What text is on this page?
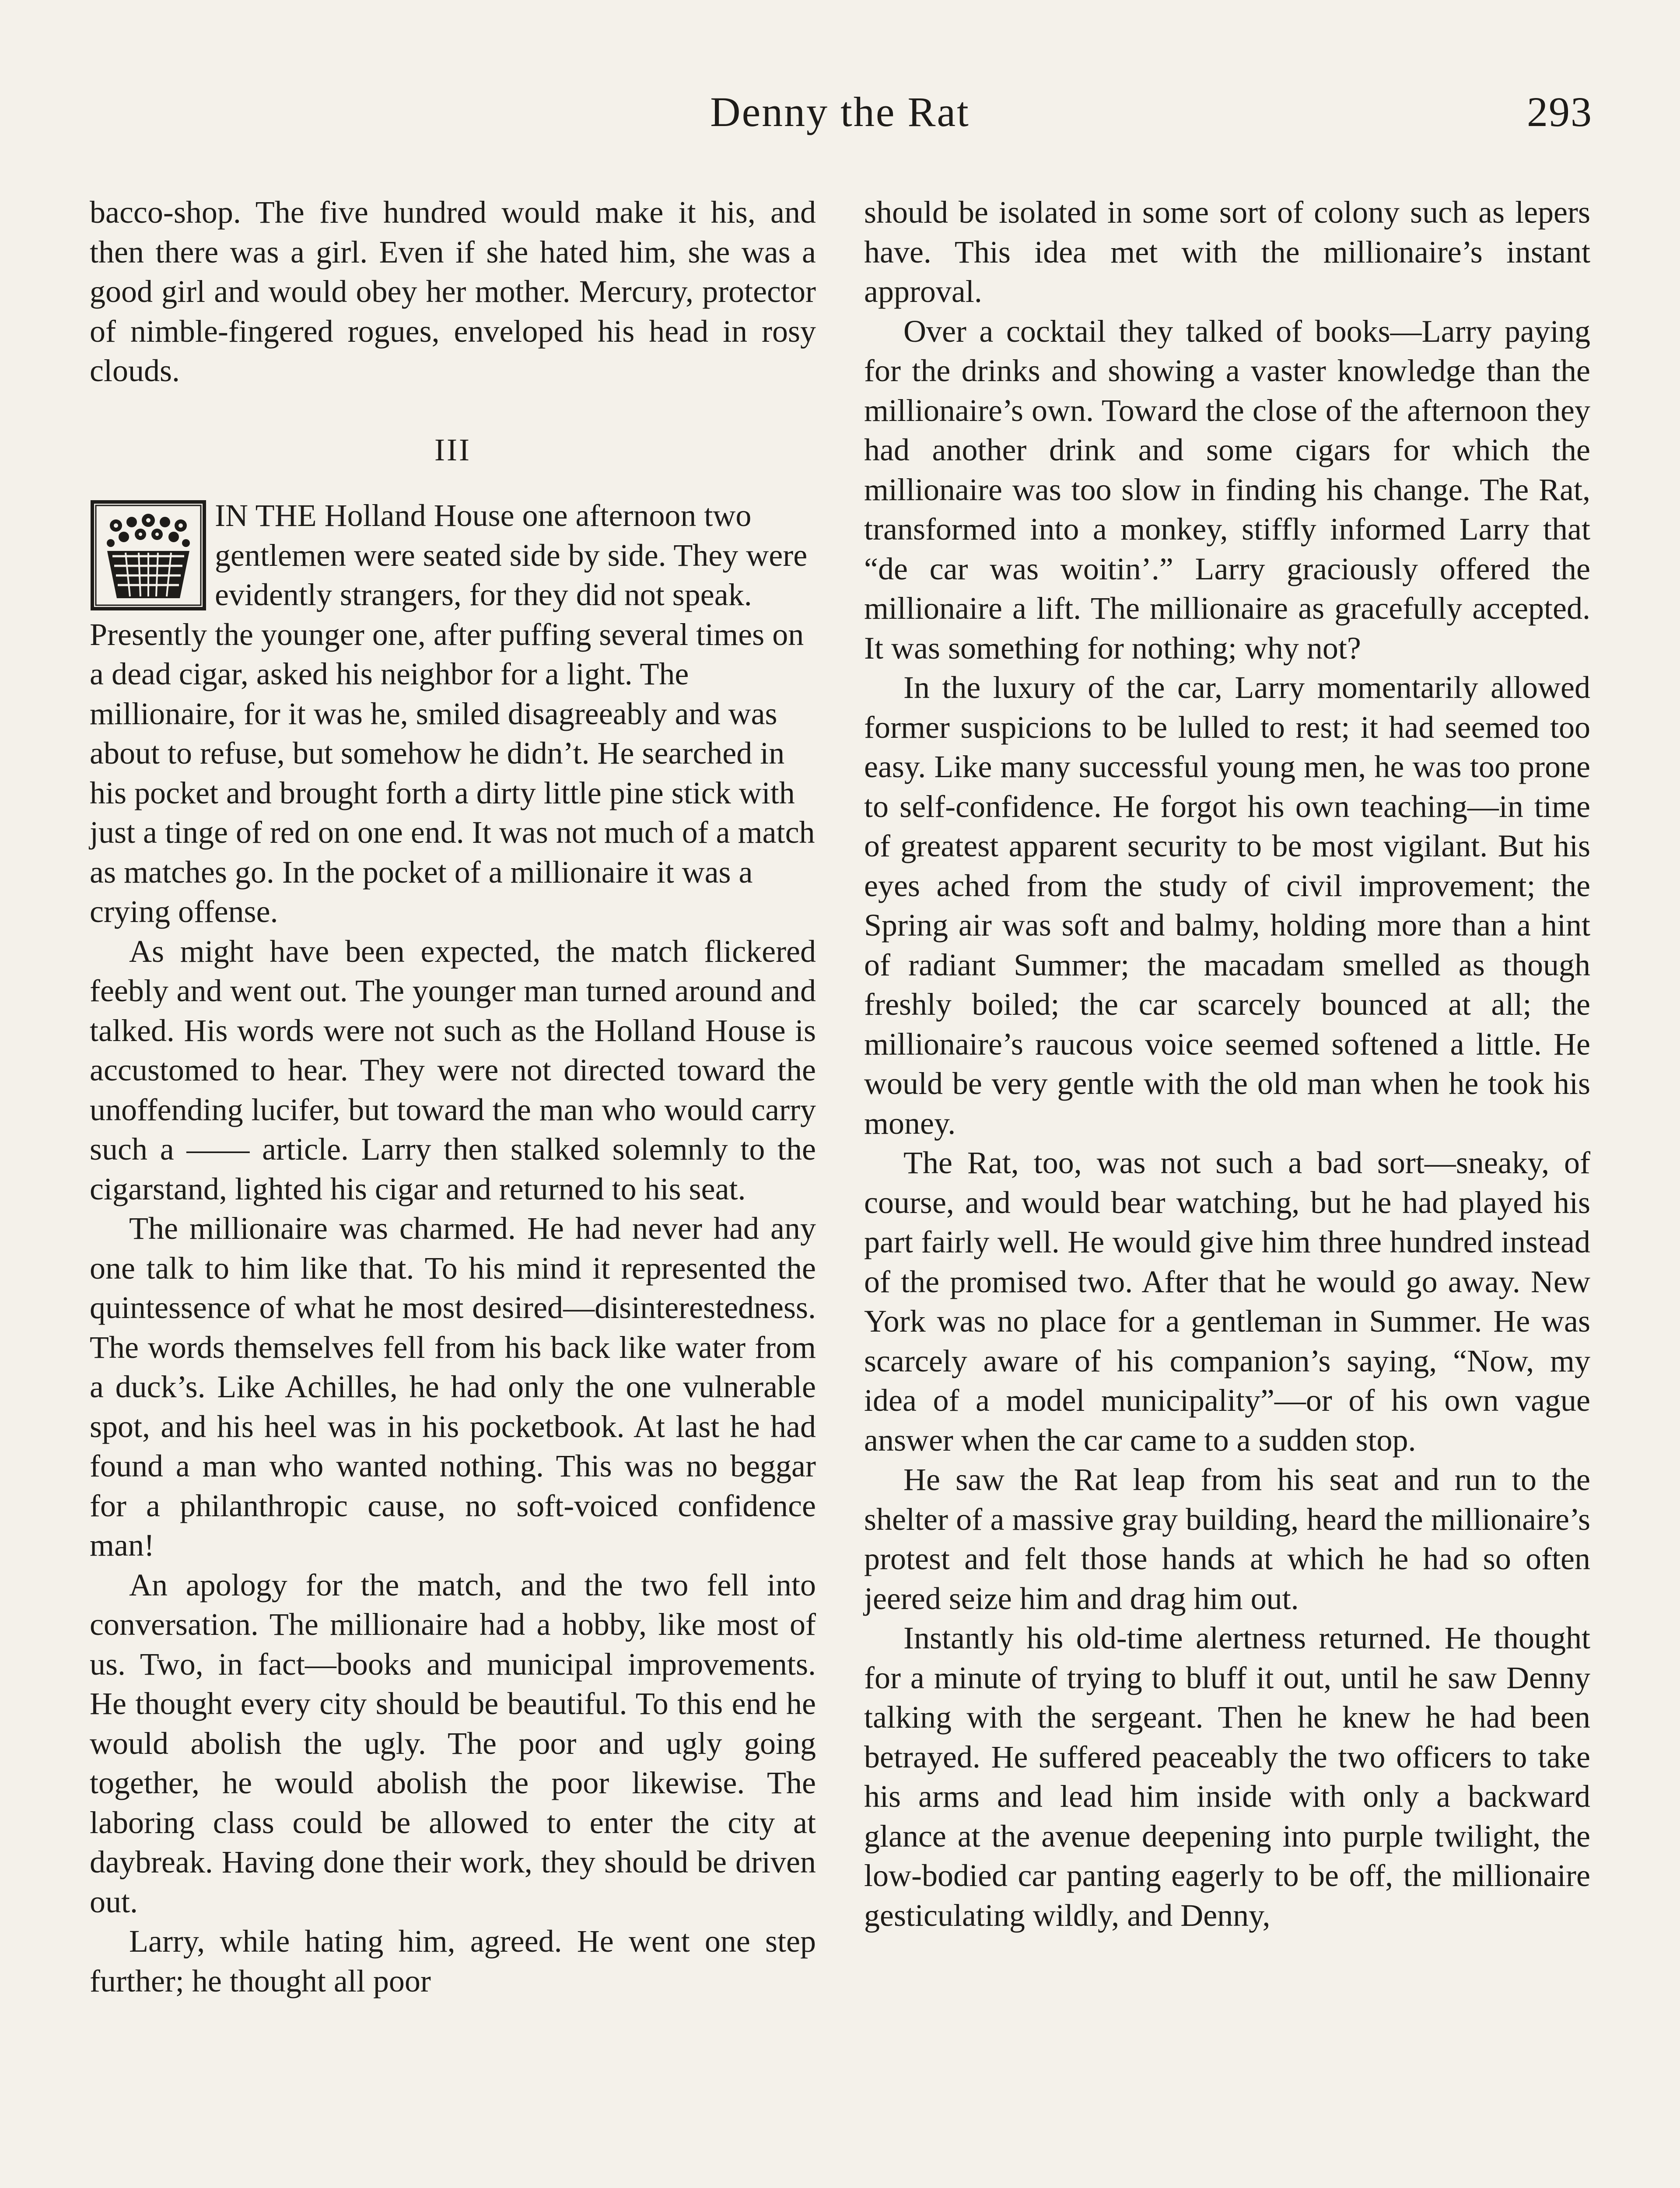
Denny the Rat	293

bacco-shop. The five hundred would make it his, and then there was a girl. Even if she hated him, she was a good girl and would obey her mother. Mercury, protector of nimble-fingered rogues, enveloped his head in rosy clouds.

III
IN THE Holland House one afternoon two gentlemen were seated side by side. They were evidently strangers, for they did not speak. Presently the younger one, after puffing several times on a dead cigar, asked his neighbor for a light. The millionaire, for it was he, smiled disagreeably and was about to refuse, but somehow he didn’t. He searched in his pocket and brought forth a dirty little pine stick with just a tinge of red on one end. It was not much of a match as matches go. In the pocket of a millionaire it was a crying offense.

As might have been expected, the match flickered feebly and went out. The younger man turned around and talked. His words were not such as the Holland House is accustomed to hear. They were not directed toward the unoffending lucifer, but toward the man who would carry such a —— article. Larry then stalked solemnly to the cigarstand, lighted his cigar and returned to his seat.

The millionaire was charmed. He had never had any one talk to him like that. To his mind it represented the quintessence of what he most desired—disinterestedness. The words themselves fell from his back like water from a duck’s. Like Achilles, he had only the one vulnerable spot, and his heel was in his pocketbook. At last he had found a man who wanted nothing. This was no beggar for a philanthropic cause, no soft-voiced confidence man!

An apology for the match, and the two fell into conversation. The millionaire had a hobby, like most of us. Two, in fact—books and municipal improvements. He thought every city should be beautiful. To this end he would abolish the ugly. The poor and ugly going together, he would abolish the poor likewise. The laboring class could be allowed to enter the city at daybreak. Having done their work, they should be driven out.

Larry, while hating him, agreed. He went one step further; he thought all poor

should be isolated in some sort of colony such as lepers have. This idea met with the millionaire’s instant approval.

Over a cocktail they talked of books—Larry paying for the drinks and showing a vaster knowledge than the millionaire’s own. Toward the close of the afternoon they had another drink and some cigars for which the millionaire was too slow in finding his change. The Rat, transformed into a monkey, stiffly informed Larry that “de car was woitin’.” Larry graciously offered the millionaire a lift. The millionaire as gracefully accepted. It was something for nothing; why not?

In the luxury of the car, Larry momentarily allowed former suspicions to be lulled to rest; it had seemed too easy. Like many successful young men, he was too prone to self-confidence. He forgot his own teaching—in time of greatest apparent security to be most vigilant. But his eyes ached from the study of civil improvement; the Spring air was soft and balmy, holding more than a hint of radiant Summer; the macadam smelled as though freshly boiled; the car scarcely bounced at all; the millionaire’s raucous voice seemed softened a little. He would be very gentle with the old man when he took his money.

The Rat, too, was not such a bad sort—sneaky, of course, and would bear watching, but he had played his part fairly well. He would give him three hundred instead of the promised two. After that he would go away. New York was no place for a gentleman in Summer. He was scarcely aware of his companion’s saying, “Now, my idea of a model municipality”—or of his own vague answer when the car came to a sudden stop.

He saw the Rat leap from his seat and run to the shelter of a massive gray building, heard the millionaire’s protest and felt those hands at which he had so often jeered seize him and drag him out.

Instantly his old-time alertness returned. He thought for a minute of trying to bluff it out, until he saw Denny talking with the sergeant. Then he knew he had been betrayed. He suffered peaceably the two officers to take his arms and lead him inside with only a backward glance at the avenue deepening into purple twilight, the low-bodied car panting eagerly to be off, the millionaire gesticulating wildly, and Denny,
